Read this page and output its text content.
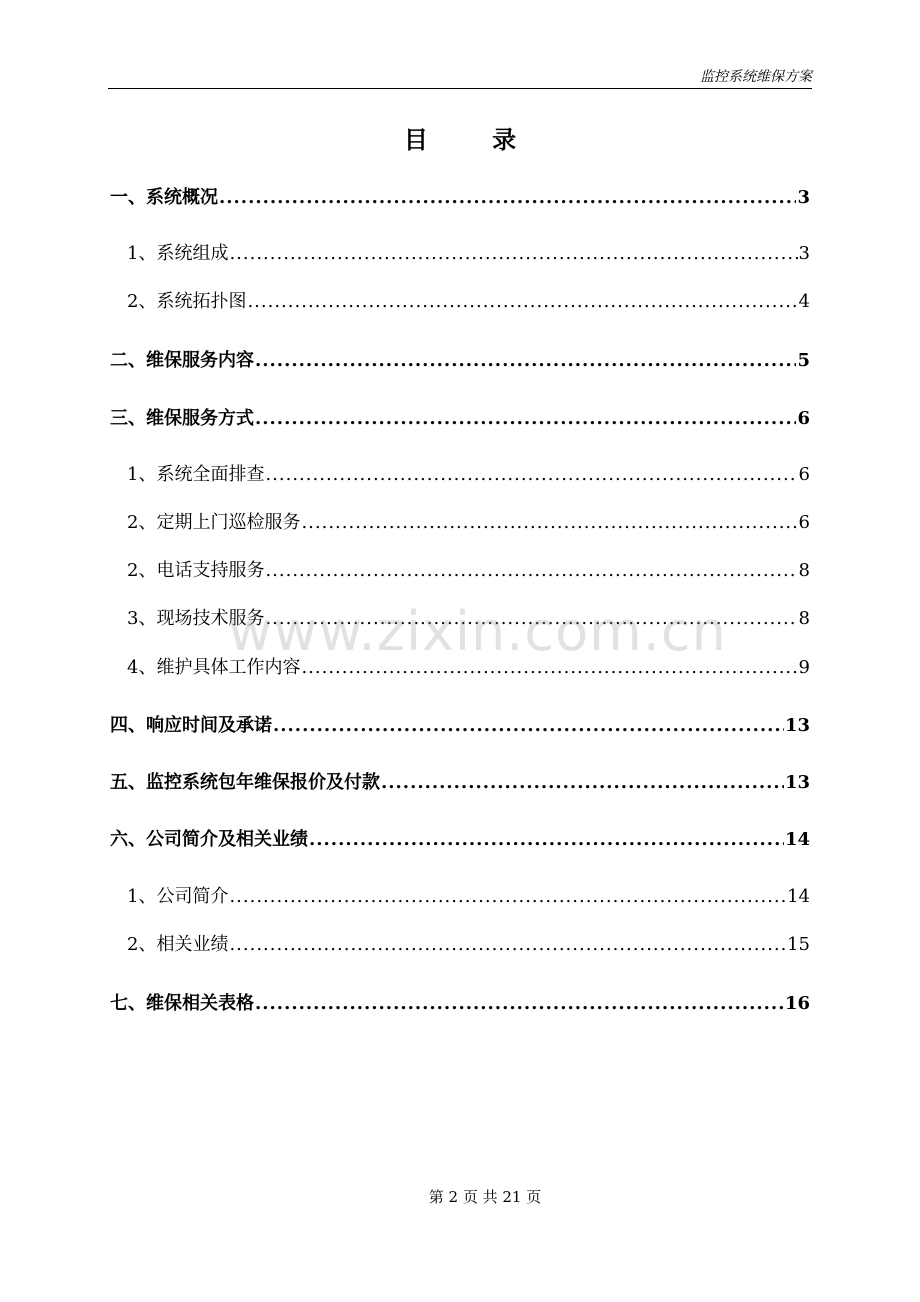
监控系统维保方案
目 录
一、系统概况 .....	3
1、系统组成 .....	3
2、系统拓扑图 .....	4
二、维保服务内容 .....	5
三、维保服务方式 .....	6
1、系统全面排查 .....	6
2、定期上门巡检服务 .....	6
2、电话支持服务 .....	8
3、现场技术服务 .....	8
4、维护具体工作内容 .....	9
四、响应时间及承诺 .....	13
五、监控系统包年维保报价及付款 .....	13
六、公司简介及相关业绩 .....	14
1、公司简介 .....	14
2、相关业绩 .....	15
七、维保相关表格 .....	16
www.zixin.com.cn
第 2 页 共 21 页
